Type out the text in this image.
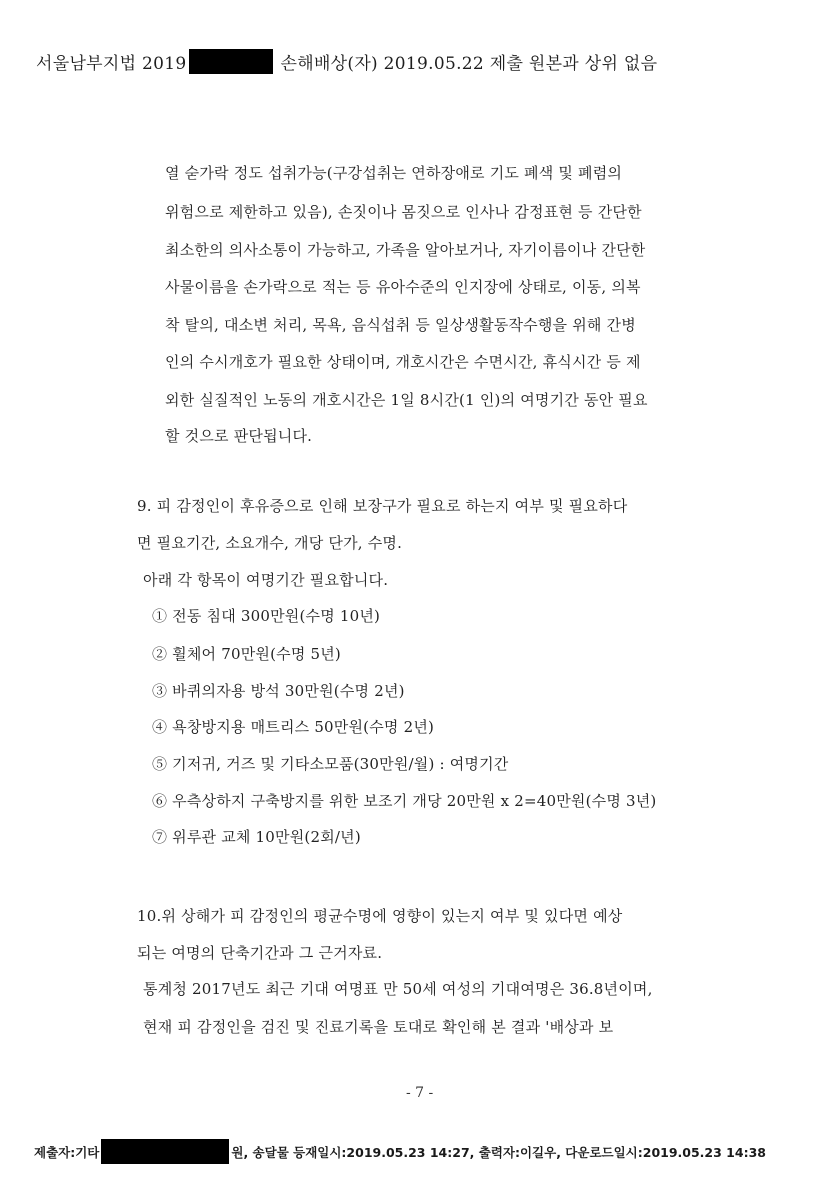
서울남부지법 2019	손해배상(자) 2019.05.22 제출 원본과 상위 없음
열 숟가락 정도 섭취가능(구강섭취는 연하장애로 기도 폐색 및 폐렴의
위험으로 제한하고 있음), 손짓이나 몸짓으로 인사나 감정표현 등 간단한
최소한의 의사소통이 가능하고, 가족을 알아보거나, 자기이름이나 간단한
사물이름을 손가락으로 적는 등 유아수준의 인지장에 상태로, 이동, 의복
착 탈의, 대소변 처리, 목욕, 음식섭취 등 일상생활동작수행을 위해 간병
인의 수시개호가 필요한 상태이며, 개호시간은 수면시간, 휴식시간 등 제
외한 실질적인 노동의 개호시간은 1일 8시간(1 인)의 여명기간 동안 필요
할 것으로 판단됩니다.
9. 피 감정인이 후유증으로 인해 보장구가 필요로 하는지 여부 및 필요하다
면 필요기간, 소요개수, 개당 단가, 수명.
아래 각 항목이 여명기간 필요합니다.
① 전동 침대 300만원(수명 10년)
② 휠체어 70만원(수명 5년)
③ 바퀴의자용 방석 30만원(수명 2년)
④ 욕창방지용 매트리스 50만원(수명 2년)
⑤ 기저귀, 거즈 및 기타소모품(30만원/월) : 여명기간
⑥ 우측상하지 구축방지를 위한 보조기 개당 20만원 x 2=40만원(수명 3년)
⑦ 위루관 교체 10만원(2회/년)
10.위 상해가 피 감정인의 평균수명에 영향이 있는지 여부 및 있다면 예상
되는 여명의 단축기간과 그 근거자료.
통계청 2017년도 최근 기대 여명표 만 50세 여성의 기대여명은 36.8년이며,
현재 피 감정인을 검진 및 진료기록을 토대로 확인해 본 결과 '배상과 보
- 7 -
제출자:기타	원, 송달물 등재일시:2019.05.23 14:27, 출력자:이길우, 다운로드일시:2019.05.23 14:38
